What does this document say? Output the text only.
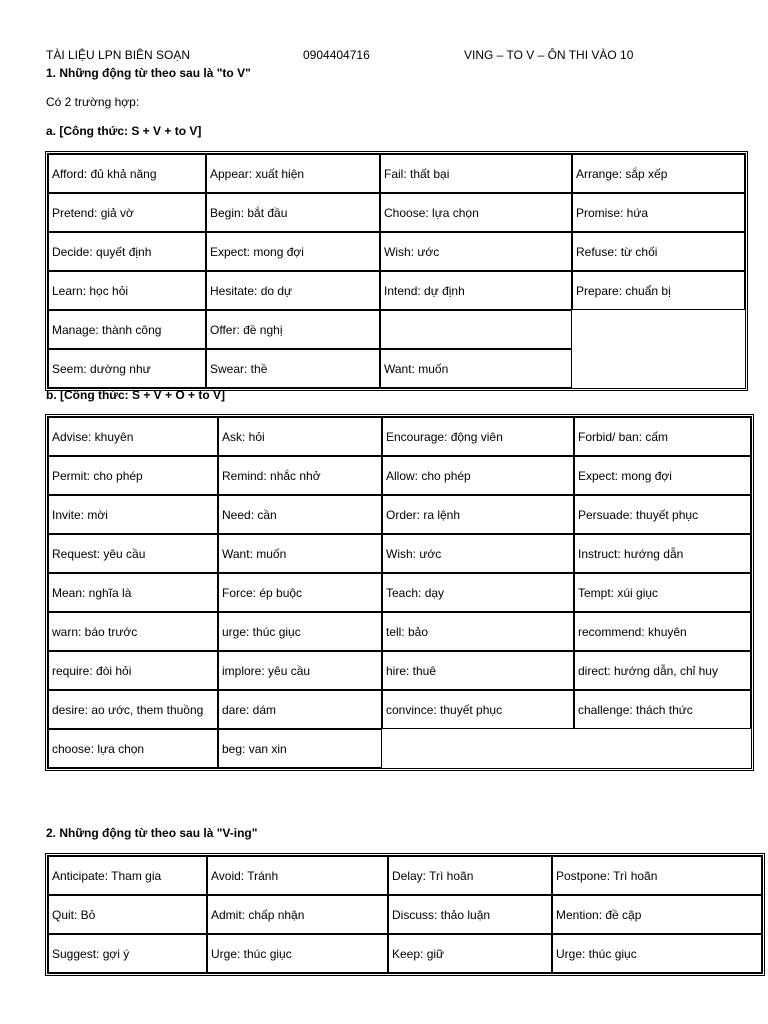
TÀI LIỆU LPN BIÊN SOẠN	0904404716	VING – TO V – ÔN THI VÀO 10
1. Những động từ theo sau là "to V"
Có 2 trường hợp:
a. [Công thức: S + V + to V]
Afford: đủ khả năng	Appear: xuất hiện	Fail: thất bại	Arrange: sắp xếp
Pretend: giả vờ	Begin: bắt đầu	Choose: lựa chọn	Promise: hứa
Decide: quyết định	Expect: mong đợi	Wish: ước	Refuse: từ chối
Learn: học hỏi	Hesitate: do dự	Intend: dự định	Prepare: chuẩn bị
Manage: thành công	Offer: đề nghị		
Seem: dường như	Swear: thề	Want: muốn	
b. [Công thức: S + V + O + to V]
Advise: khuyên	Ask: hỏi	Encourage: động viên	Forbid/ ban: cấm
Permit: cho phép	Remind: nhắc nhở	Allow: cho phép	Expect: mong đợi
Invite: mời	Need: cần	Order: ra lệnh	Persuade: thuyết phục
Request: yêu cầu	Want: muốn	Wish: ước	Instruct: hướng dẫn
Mean: nghĩa là	Force: ép buộc	Teach: dạy	Tempt: xúi giục
warn: báo trước	urge: thúc giục	tell: bảo	recommend: khuyên
require: đòi hỏi	implore: yêu cầu	hire: thuê	direct: hướng dẫn, chỉ huy
desire: ao ước, them thuồng	dare: dám	convince: thuyết phục	challenge: thách thức
choose: lựa chọn	beg: van xin		
2. Những động từ theo sau là "V-ing"
Anticipate: Tham gia	Avoid: Tránh	Delay: Trì hoãn	Postpone: Trì hoãn
Quit: Bỏ	Admit: chấp nhận	Discuss: thảo luận	Mention: đề cập
Suggest: gợi ý	Urge: thúc giục	Keep: giữ	Urge: thúc giục
